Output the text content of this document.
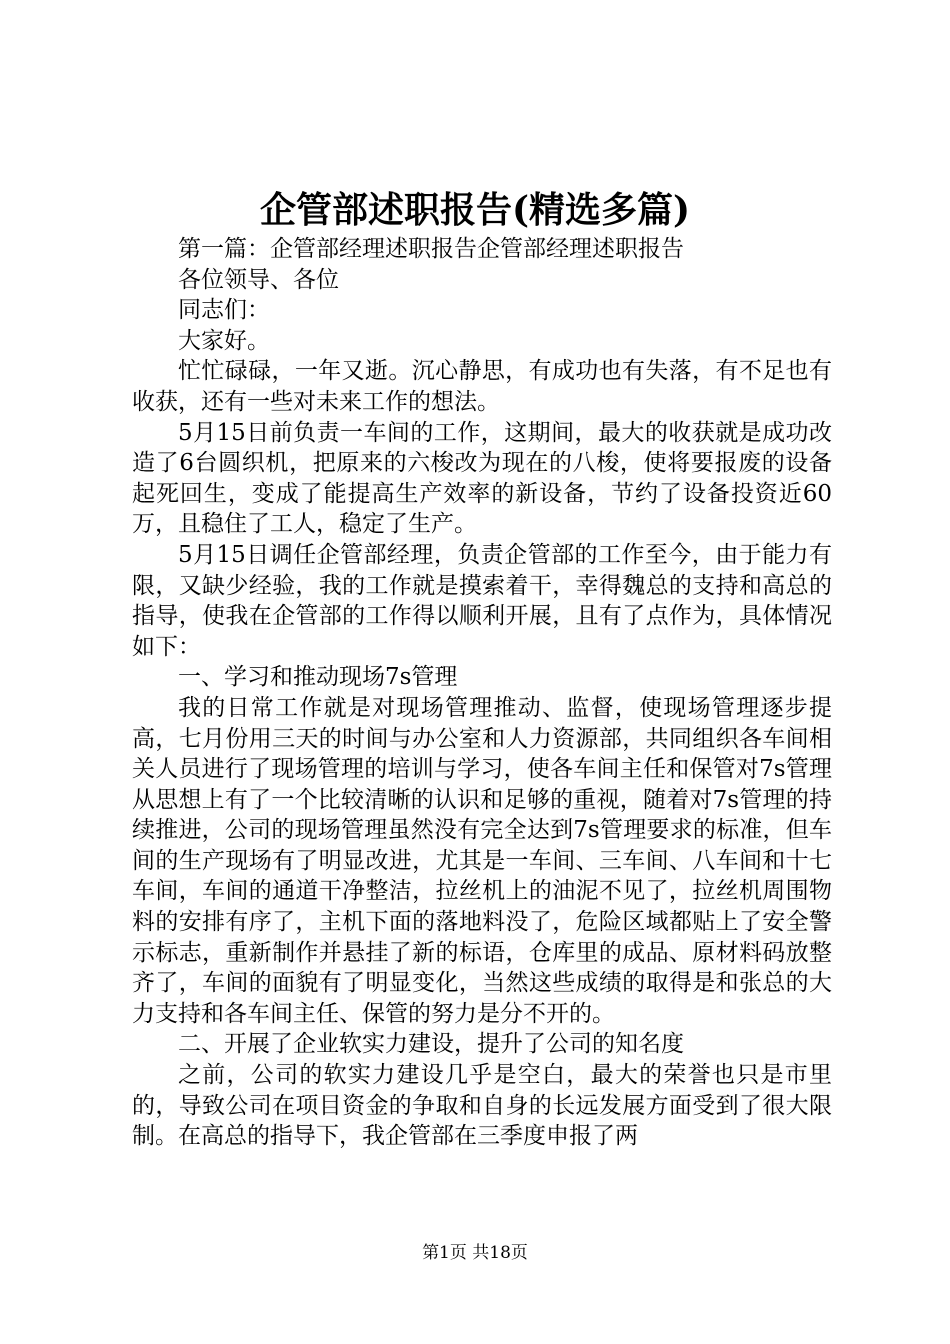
企管部述职报告(精选多篇)

第一篇：企管部经理述职报告企管部经理述职报告

各位领导、各位

同志们：

大家好。

忙忙碌碌，一年又逝。沉心静思，有成功也有失落，有不足也有收获，还有一些对未来工作的想法。

5月15日前负责一车间的工作，这期间，最大的收获就是成功改造了6台圆织机，把原来的六梭改为现在的八梭，使将要报废的设备起死回生，变成了能提高生产效率的新设备，节约了设备投资近60万，且稳住了工人，稳定了生产。

5月15日调任企管部经理，负责企管部的工作至今，由于能力有限，又缺少经验，我的工作就是摸索着干，幸得魏总的支持和高总的指导，使我在企管部的工作得以顺利开展，且有了点作为，具体情况如下：

一、学习和推动现场7s管理

我的日常工作就是对现场管理推动、监督，使现场管理逐步提高，七月份用三天的时间与办公室和人力资源部，共同组织各车间相关人员进行了现场管理的培训与学习，使各车间主任和保管对7s管理从思想上有了一个比较清晰的认识和足够的重视，随着对7s管理的持续推进，公司的现场管理虽然没有完全达到7s管理要求的标准，但车间的生产现场有了明显改进，尤其是一车间、三车间、八车间和十七车间，车间的通道干净整洁，拉丝机上的油泥不见了，拉丝机周围物料的安排有序了，主机下面的落地料没了，危险区域都贴上了安全警示标志，重新制作并悬挂了新的标语，仓库里的成品、原材料码放整齐了，车间的面貌有了明显变化，当然这些成绩的取得是和张总的大力支持和各车间主任、保管的努力是分不开的。

二、开展了企业软实力建设，提升了公司的知名度

之前，公司的软实力建设几乎是空白，最大的荣誉也只是市里的，导致公司在项目资金的争取和自身的长远发展方面受到了很大限制。在高总的指导下，我企管部在三季度申报了两

第1页 共18页
